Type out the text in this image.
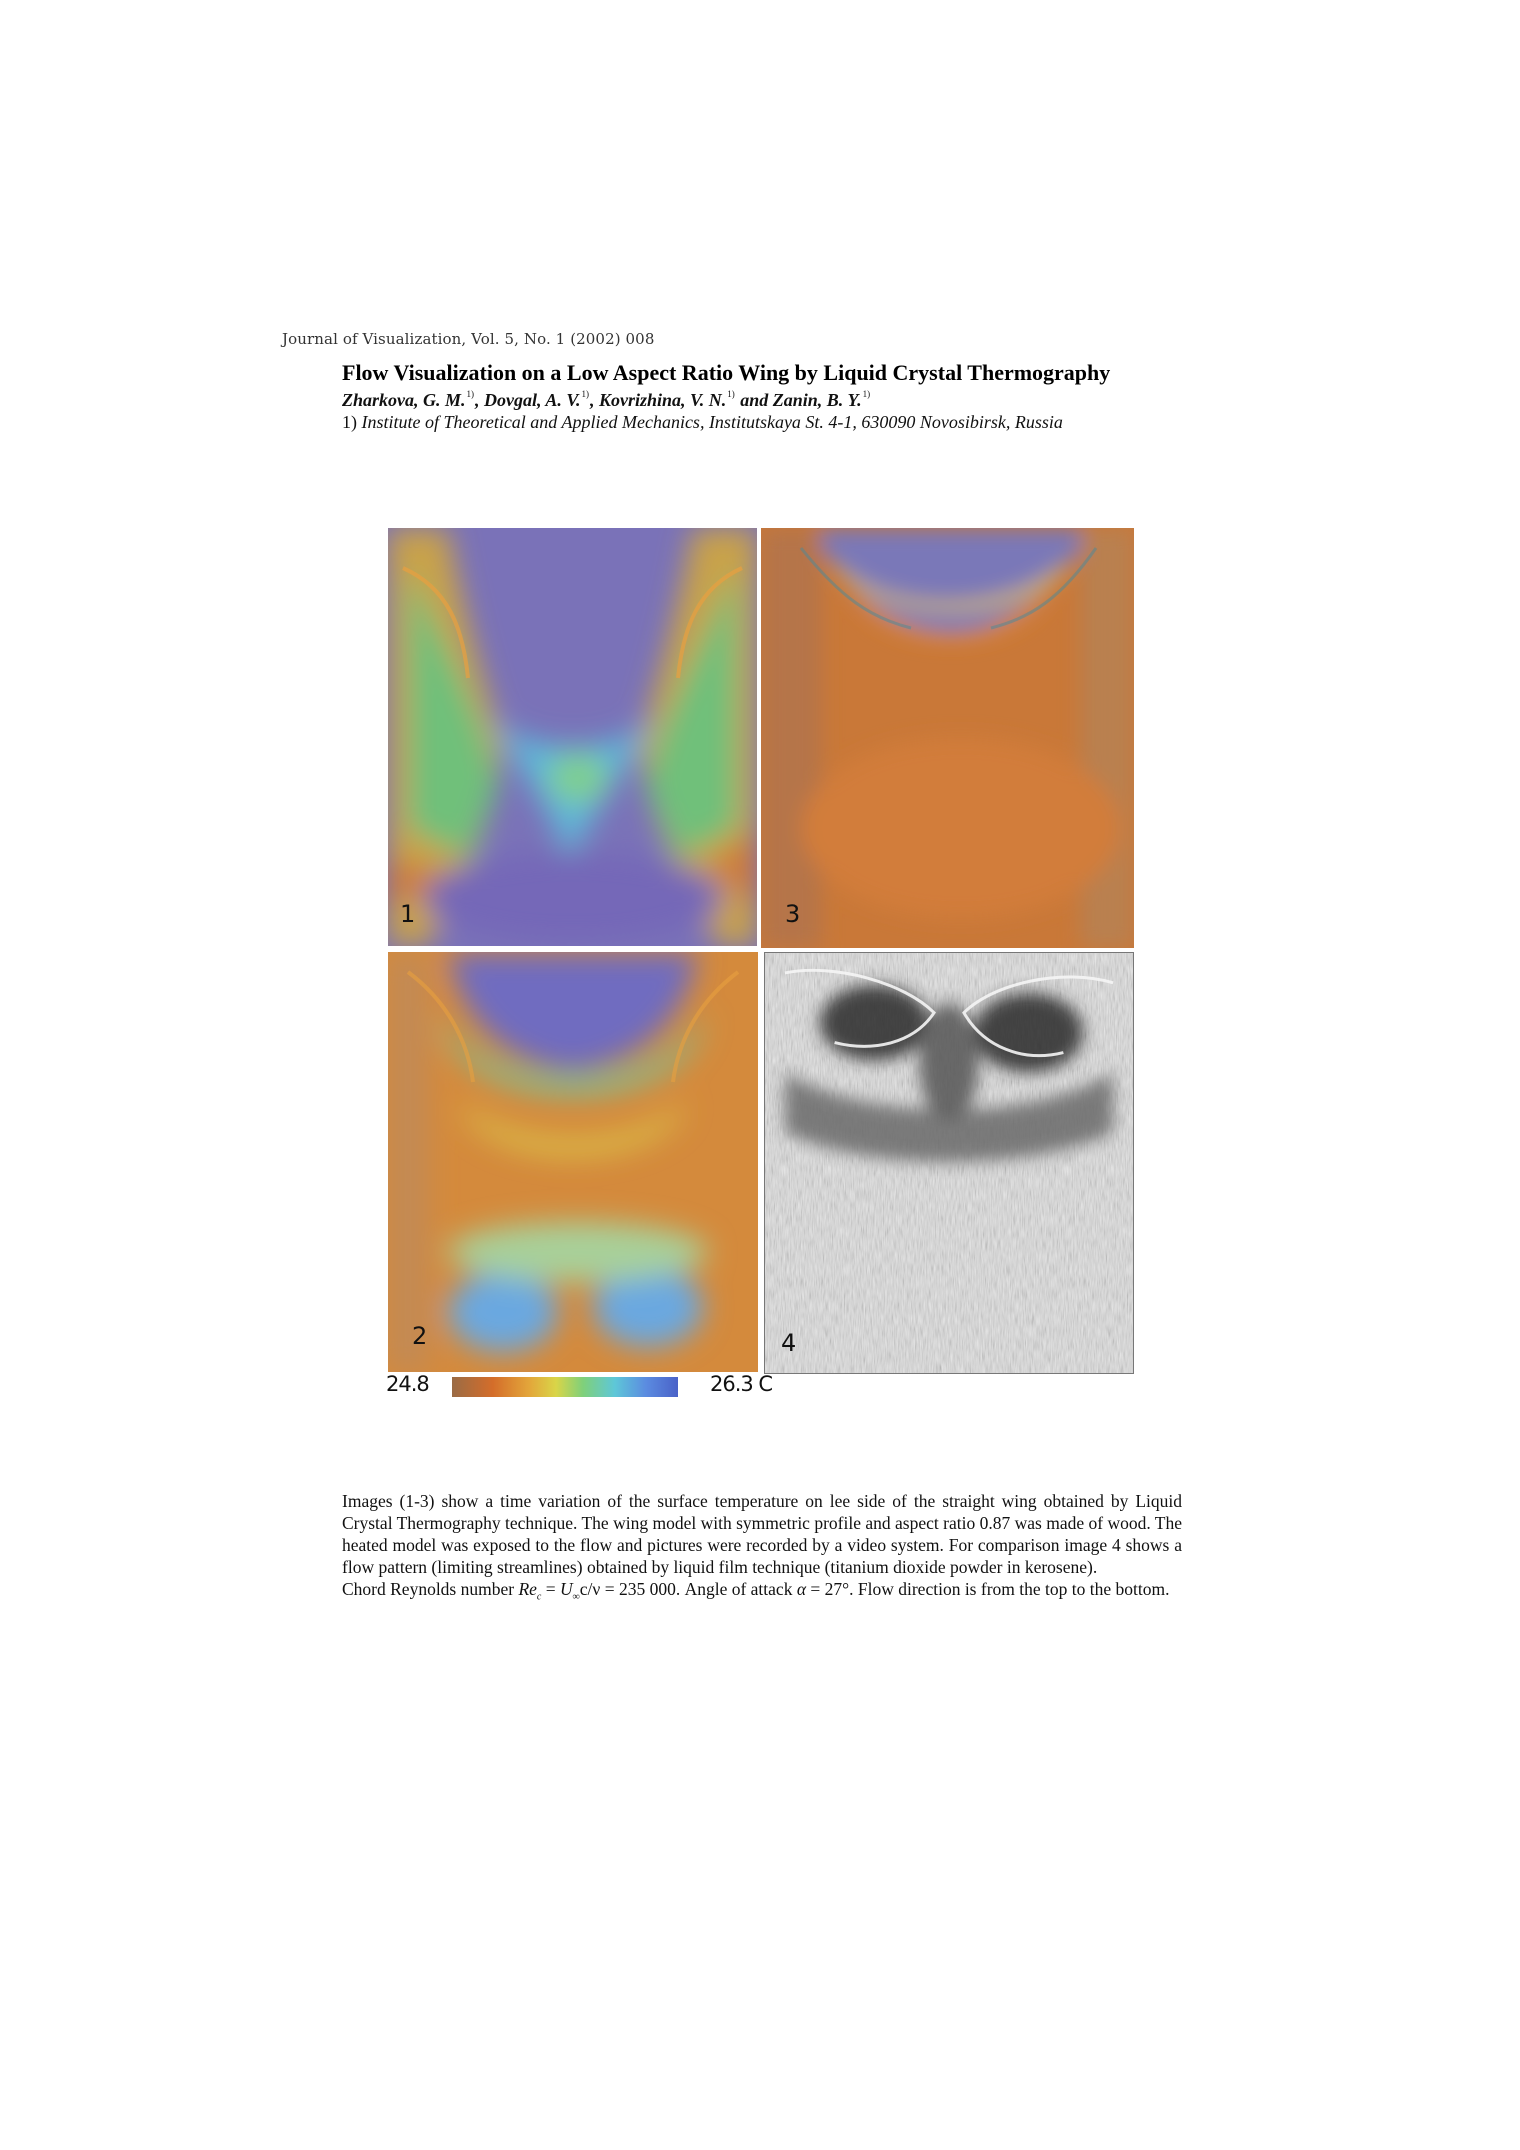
Journal of Visualization, Vol. 5, No. 1 (2002) 008
Flow Visualization on a Low Aspect Ratio Wing by Liquid Crystal Thermography
Zharkova, G. M.$^{1)}$, Dovgal, A. V.$^{1)}$, Kovrizhina, V. N.$^{1)}$ and Zanin, B. Y.$^{1)}$
1) Institute of Theoretical and Applied Mechanics, Institutskaya St. 4-1, 630090 Novosibirsk, Russia
1	3
2	4
24.8	26.3 C

Images (1-3) show a time variation of the surface temperature on lee side of the straight wing obtained by Liquid Crystal Thermography technique. The wing model with symmetric profile and aspect ratio 0.87 was made of wood. The heated model was exposed to the flow and pictures were recorded by a video system. For comparison image 4 shows a flow pattern (limiting streamlines) obtained by liquid film technique (titanium dioxide powder in kerosene).

Chord Reynolds number $Re_c = U_\infty c/\nu = 235$ 000. Angle of attack α = 27°. Flow direction is from the top to the bottom.
